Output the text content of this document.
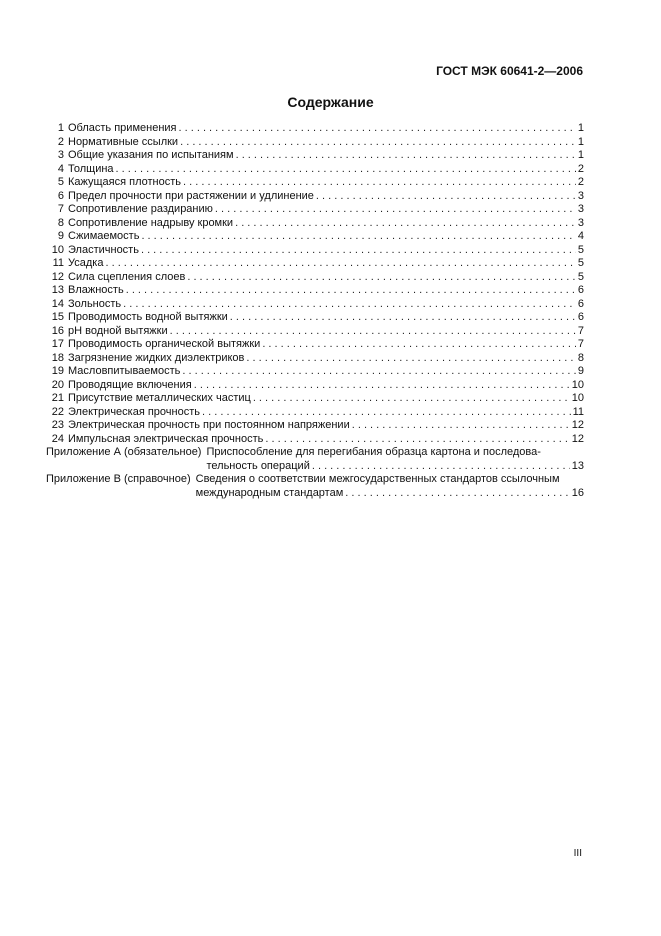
ГОСТ МЭК 60641-2—2006
Содержание
1 Область применения . . .	1
2 Нормативные ссылки . . .	1
3 Общие указания по испытаниям . . .	1
4 Толщина . . .	2
5 Кажущаяся плотность . . .	2
6 Предел прочности при растяжении и удлинение . . .	3
7 Сопротивление раздиранию . . .	3
8 Сопротивление надрыву кромки . . .	3
9 Сжимаемость . . .	4
10 Эластичность . . .	5
11 Усадка . . .	5
12 Сила сцепления слоев . . .	5
13 Влажность . . .	6
14 Зольность . . .	6
15 Проводимость водной вытяжки . . .	6
16 pH водной вытяжки . . .	7
17 Проводимость органической вытяжки . . .	7
18 Загрязнение жидких диэлектриков . . .	8
19 Масловпитываемость . . .	9
20 Проводящие включения . . .	10
21 Присутствие металлических частиц . . .	10
22 Электрическая прочность . . .	11
23 Электрическая прочность при постоянном напряжении . . .	12
24 Импульсная электрическая прочность . . .	12
Приложение А (обязательное) Приспособление для перегибания образца картона и последова-
тельность операций . . .	13
Приложение В (справочное) Сведения о соответствии межгосударственных стандартов ссылочным
международным стандартам . . .	16
III
